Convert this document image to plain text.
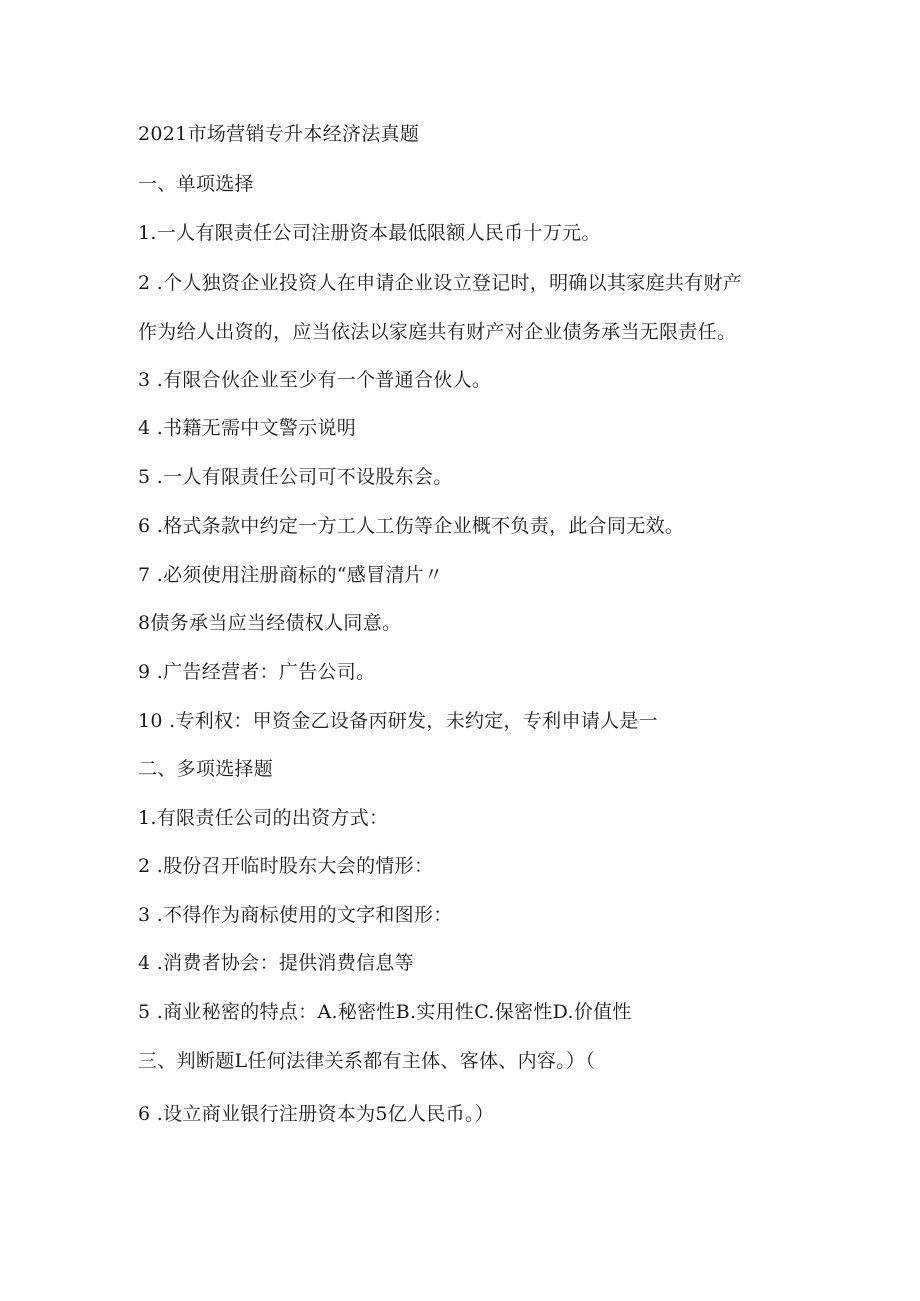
2021市场营销专升本经济法真题

一、单项选择

1.一人有限责任公司注册资本最低限额人民币十万元。

2 .个人独资企业投资人在申请企业设立登记时，明确以其家庭共有财产

作为给人出资的，应当依法以家庭共有财产对企业债务承当无限责任。

3 .有限合伙企业至少有一个普通合伙人。

4 .书籍无需中文警示说明

5 .一人有限责任公司可不设股东会。

6 .格式条款中约定一方工人工伤等企业概不负责，此合同无效。

7 .必须使用注册商标的“感冒清片〃

8债务承当应当经债权人同意。

9 .广告经营者：广告公司。

10 .专利权：甲资金乙设备丙研发，未约定，专利申请人是一

二、多项选择题

1.有限责任公司的出资方式：

2 .股份召开临时股东大会的情形：

3 .不得作为商标使用的文字和图形：

4 .消费者协会：提供消费信息等

5 .商业秘密的特点：A.秘密性B.实用性C.保密性D.价值性

三、判断题L任何法律关系都有主体、客体、内容。）（

6 .设立商业银行注册资本为5亿人民币。）
